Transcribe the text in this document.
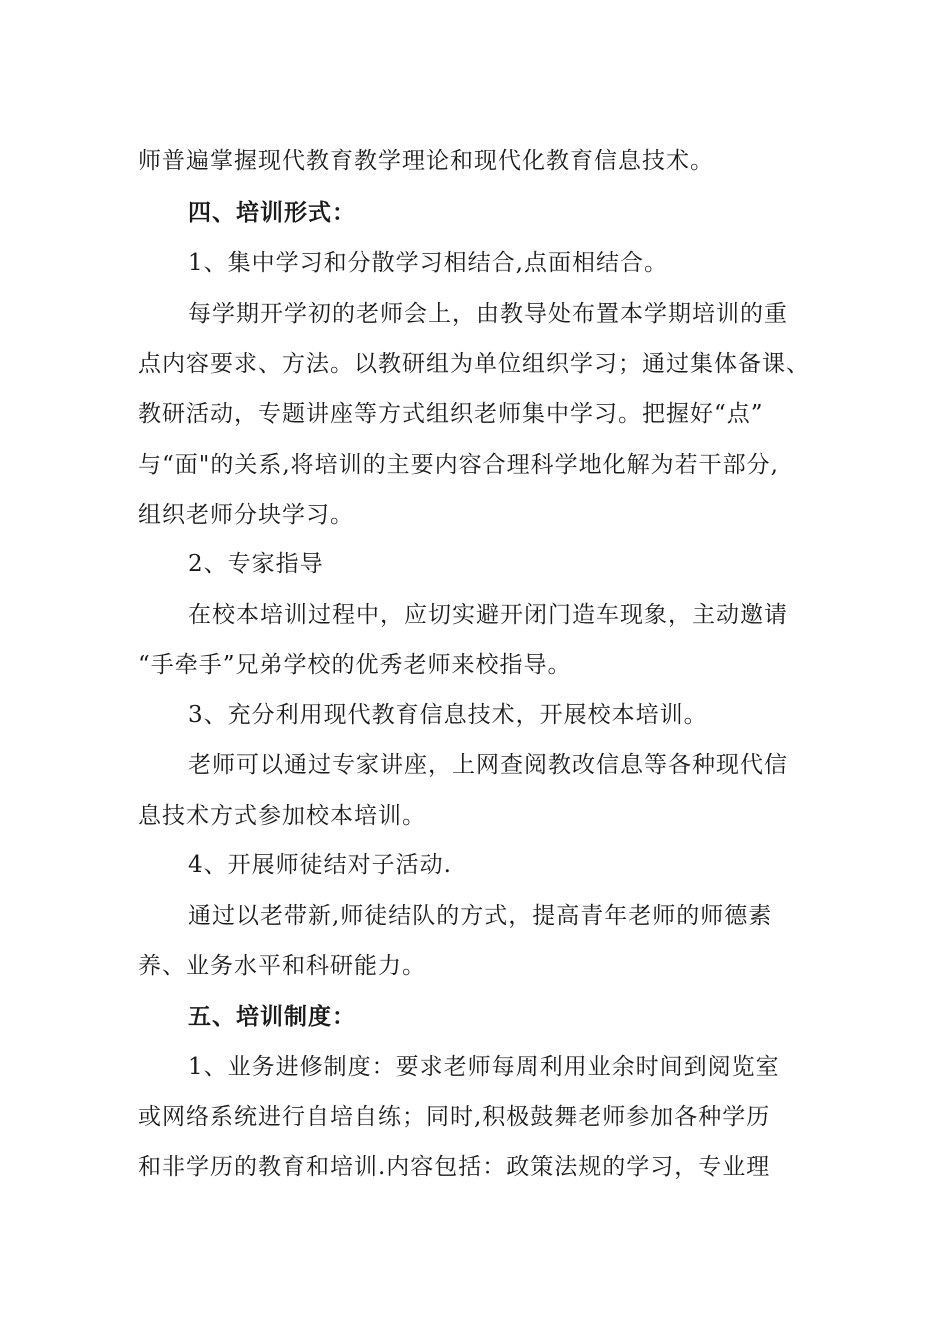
师普遍掌握现代教育教学理论和现代化教育信息技术。
四、培训形式：
1、集中学习和分散学习相结合,点面相结合。
每学期开学初的老师会上，由教导处布置本学期培训的重
点内容要求、方法。以教研组为单位组织学习；通过集体备课、
教研活动，专题讲座等方式组织老师集中学习。把握好“点”
与“面"的关系,将培训的主要内容合理科学地化解为若干部分,
组织老师分块学习。
2、专家指导
在校本培训过程中，应切实避开闭门造车现象，主动邀请
“手牵手”兄弟学校的优秀老师来校指导。
3、充分利用现代教育信息技术，开展校本培训。
老师可以通过专家讲座，上网查阅教改信息等各种现代信
息技术方式参加校本培训。
4、开展师徒结对子活动.
通过以老带新,师徒结队的方式，提高青年老师的师德素
养、业务水平和科研能力。
五、培训制度：
1、业务进修制度：要求老师每周利用业余时间到阅览室
或网络系统进行自培自练；同时,积极鼓舞老师参加各种学历
和非学历的教育和培训.内容包括：政策法规的学习，专业理
